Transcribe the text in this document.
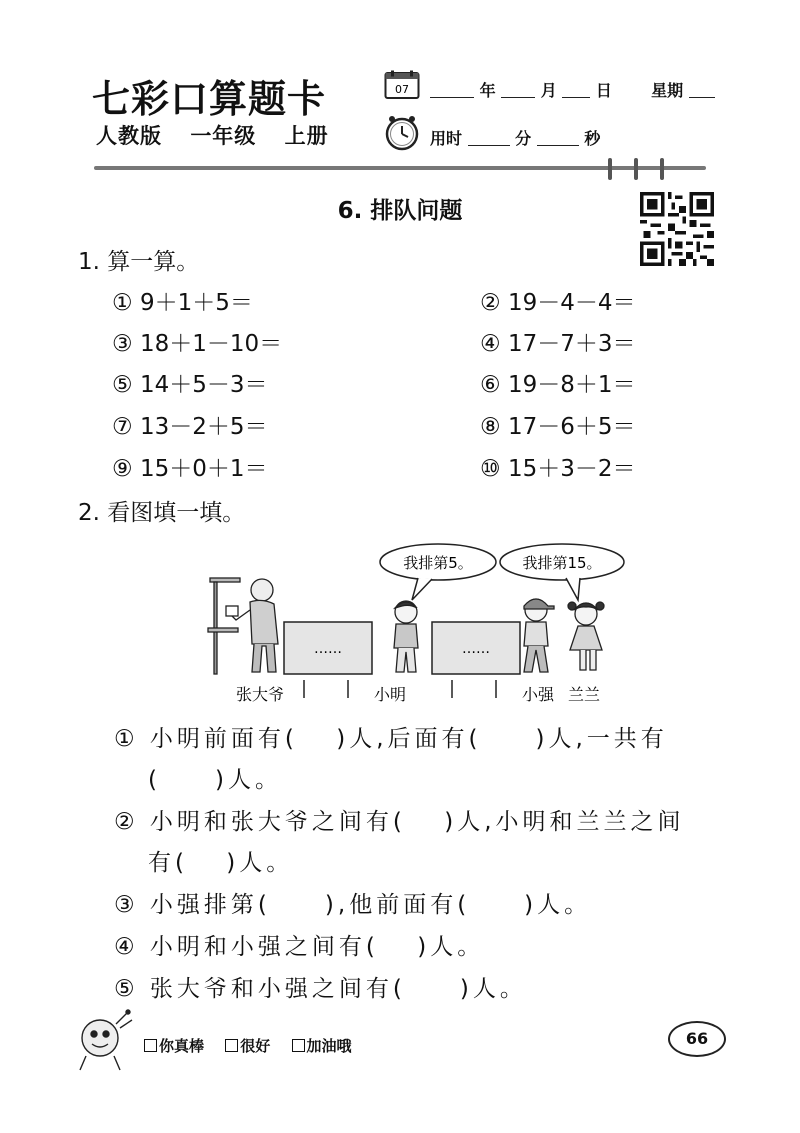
七彩口算题卡
人教版 一年级 上册
07	年	月 日 星期
用时	分	秒
6. 排队问题
1. 算一算。
① 9＋1＋5＝	② 19－4－4＝
③ 18＋1－10＝	④ 17－7＋3＝
⑤ 14＋5－3＝	⑥ 19－8＋1＝
⑦ 13－2＋5＝	⑧ 17－6＋5＝
⑨ 15＋0＋1＝	⑩ 15＋3－2＝
2. 看图填一填。
我排第5。	我排第15。
……	……
张大爷	小明	小强 兰兰
① 小明前面有(　 )人,后面有(　　)人,一共有
(　　)人。
② 小明和张大爷之间有(　 )人,小明和兰兰之间
有(　 )人。
③ 小强排第(　　),他前面有(　　)人。
④ 小明和小强之间有(　 )人。
⑤ 张大爷和小强之间有(　　)人。
你真棒 很好 加油哦	66
